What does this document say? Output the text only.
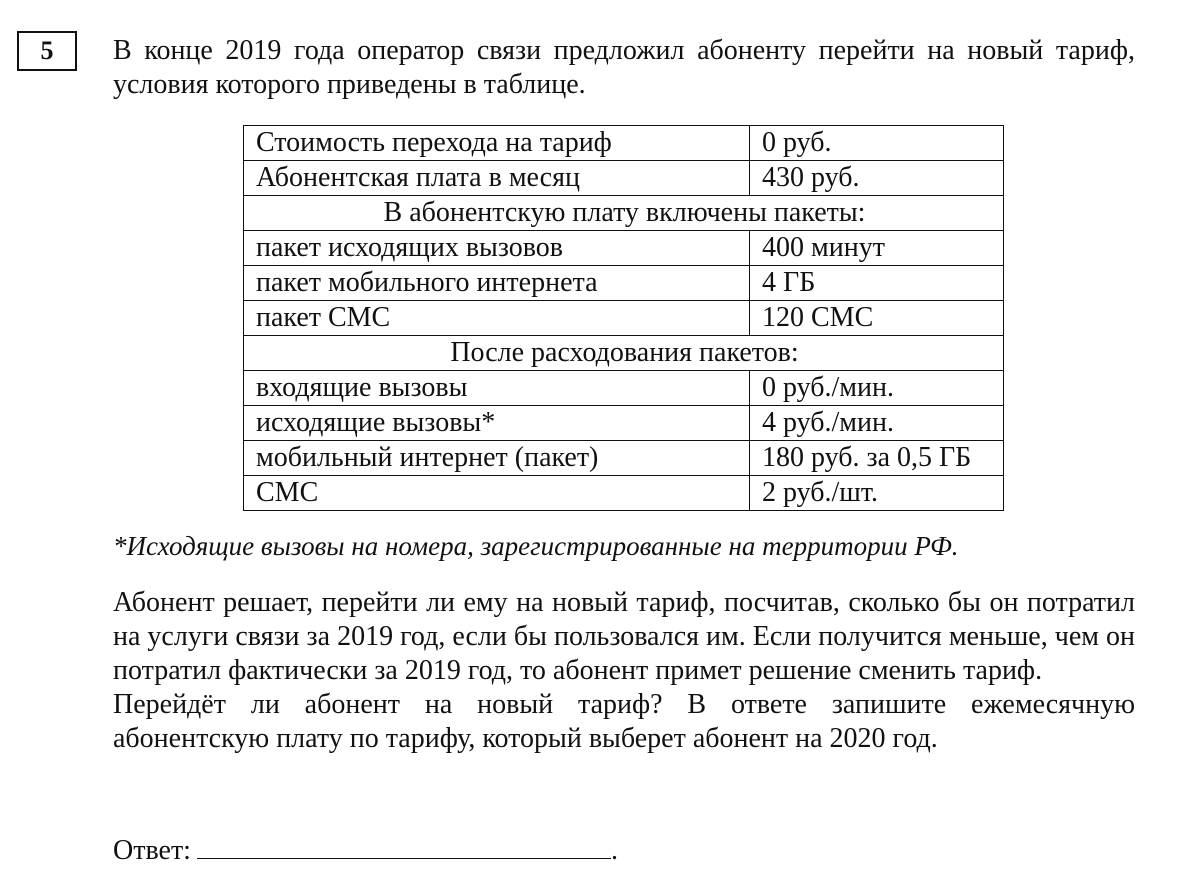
5	В конце 2019 года оператор связи предложил абоненту перейти на новый тариф, условия которого приведены в таблице.
Стоимость перехода на тариф	0 руб.
Абонентская плата в месяц	430 руб.
В абонентскую плату включены пакеты:	
пакет исходящих вызовов	400 минут
пакет мобильного интернета	4 ГБ
пакет СМС	120 СМС
После расходования пакетов:	
входящие вызовы	0 руб./мин.
исходящие вызовы*	4 руб./мин.
мобильный интернет (пакет)	180 руб. за 0,5 ГБ
СМС	2 руб./шт.
*Исходящие вызовы на номера, зарегистрированные на территории РФ.
Абонент решает, перейти ли ему на новый тариф, посчитав, сколько бы он потратил на услуги связи за 2019 год, если бы пользовался им. Если получится меньше, чем он потратил фактически за 2019 год, то абонент примет решение сменить тариф.
Перейдёт ли абонент на новый тариф? В ответе запишите ежемесячную абонентскую плату по тарифу, который выберет абонент на 2020 год.
Ответ:	.
